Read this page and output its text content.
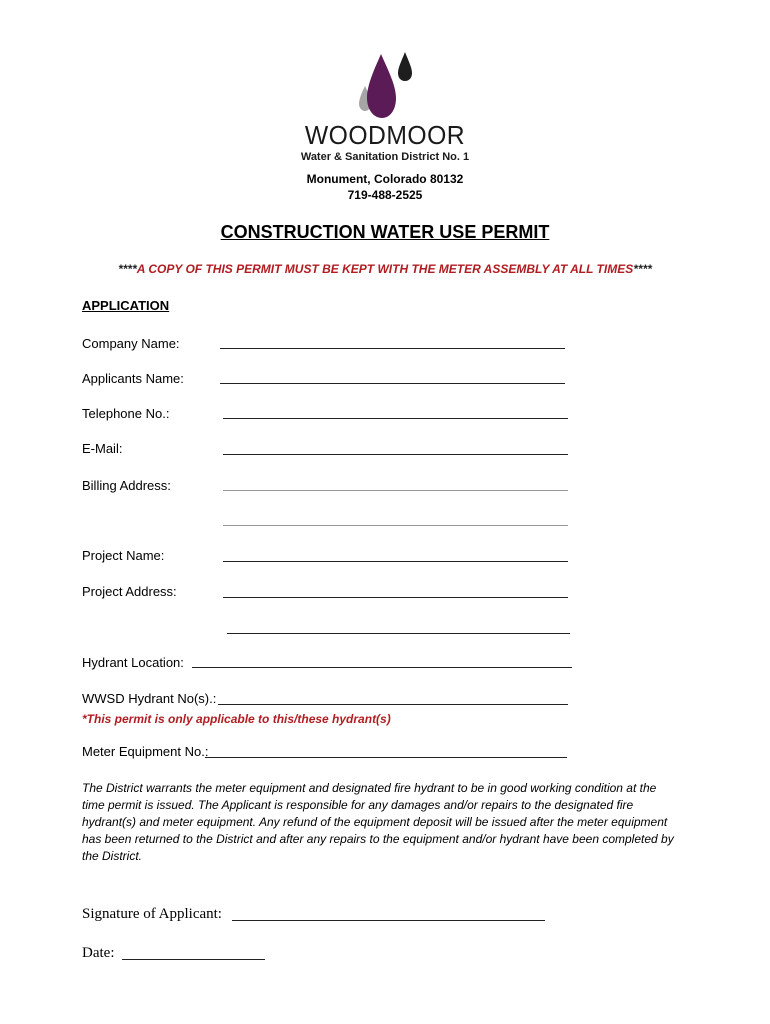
WOODMOOR
Water & Sanitation District No. 1
Monument, Colorado 80132
719-488-2525
CONSTRUCTION WATER USE PERMIT
****A COPY OF THIS PERMIT MUST BE KEPT WITH THE METER ASSEMBLY AT ALL TIMES****
APPLICATION
Company Name:
Applicants Name:
Telephone No.:
E-Mail:
Billing Address:
Project Name:
Project Address:
Hydrant Location:
WWSD Hydrant No(s).:
*This permit is only applicable to this/these hydrant(s)
Meter Equipment No.:
The District warrants the meter equipment and designated fire hydrant to be in good working condition at the time permit is issued. The Applicant is responsible for any damages and/or repairs to the designated fire hydrant(s) and meter equipment. Any refund of the equipment deposit will be issued after the meter equipment has been returned to the District and after any repairs to the equipment and/or hydrant have been completed by the District.
Signature of Applicant:
Date:
